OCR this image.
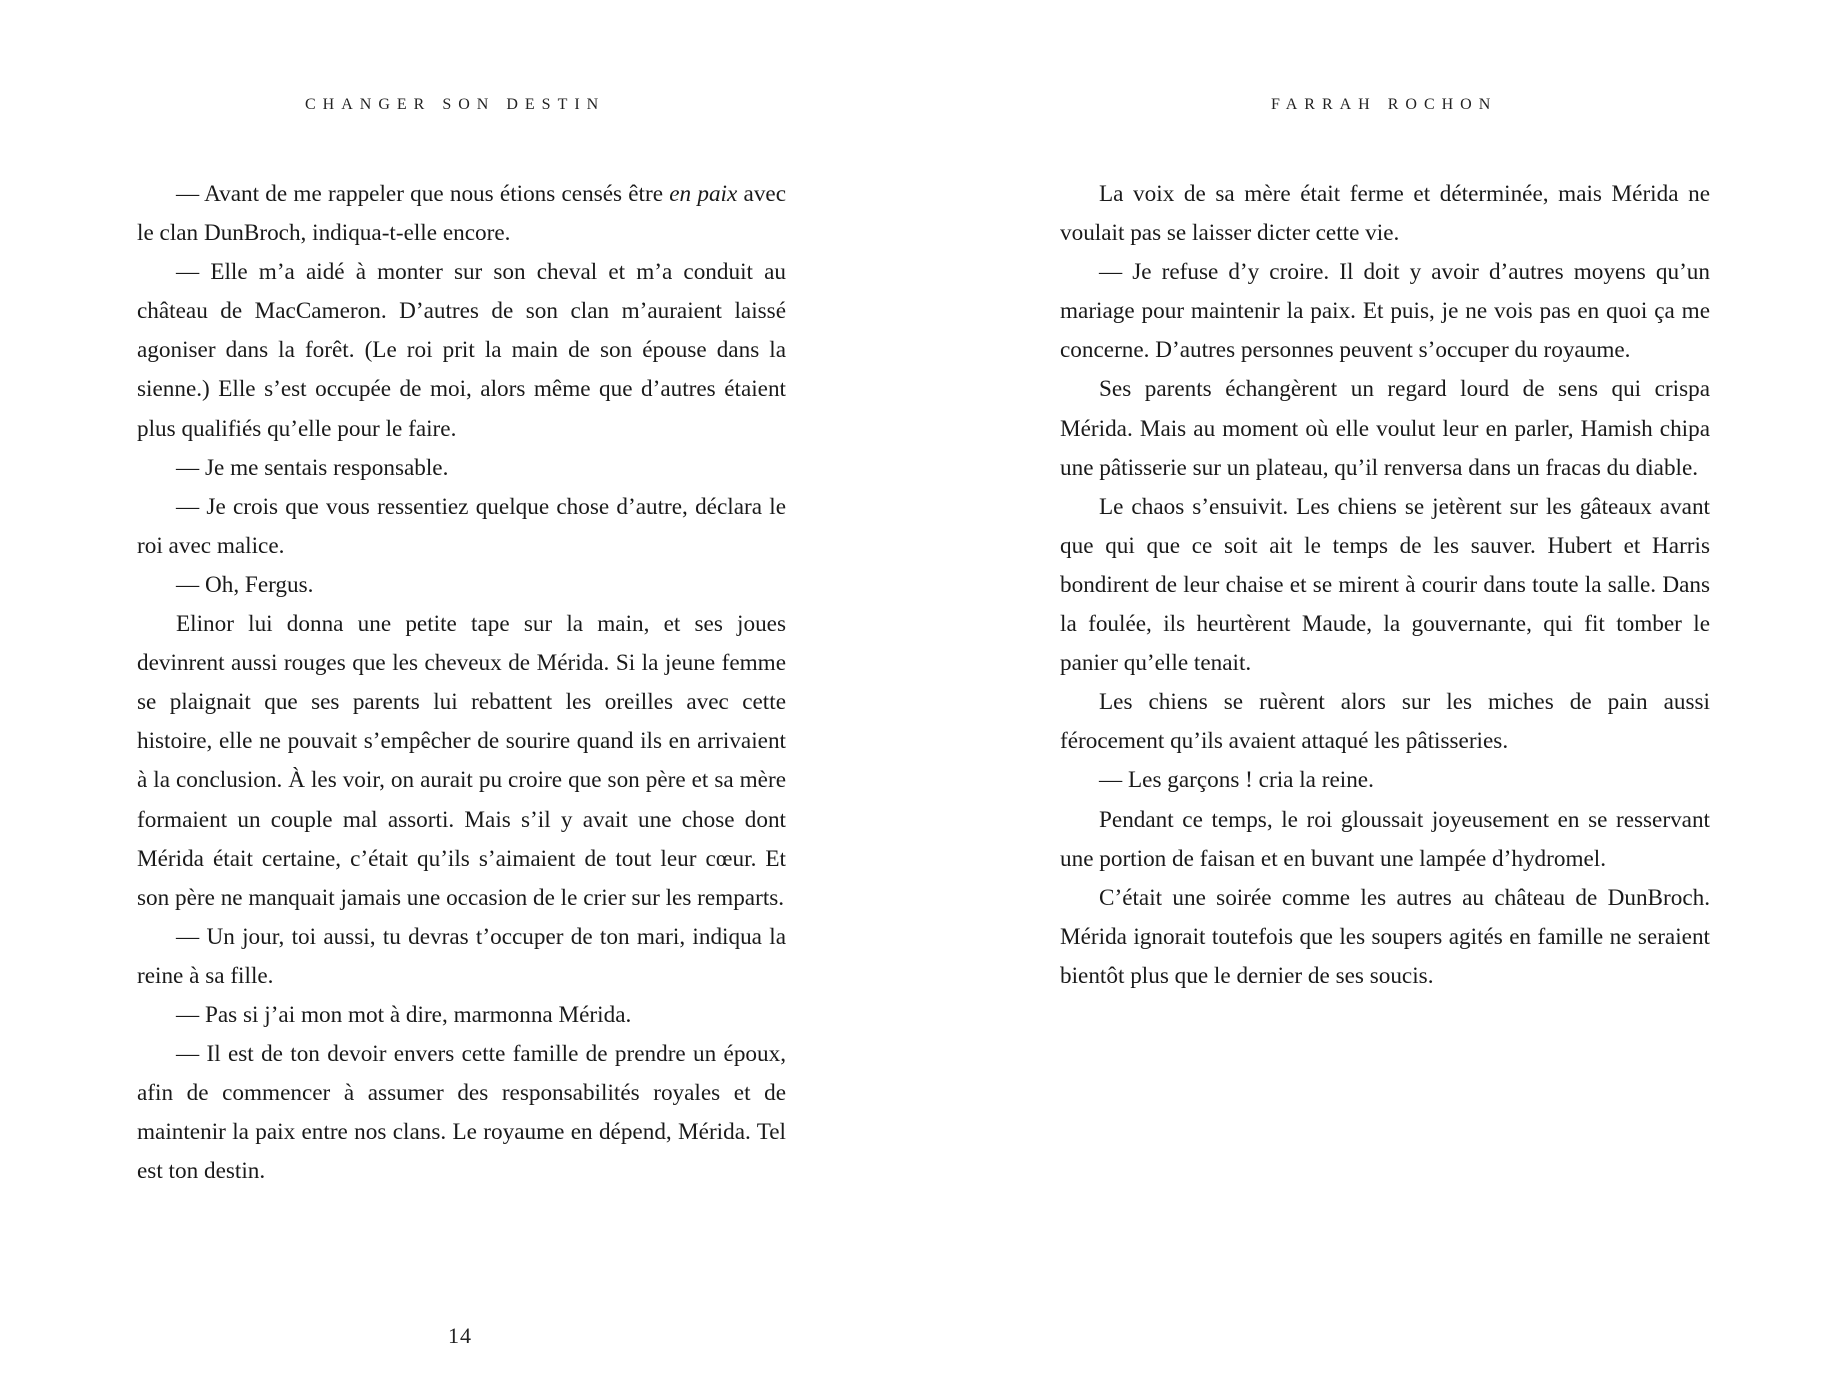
CHANGER SON DESTIN

— Avant de me rappeler que nous étions censés être en paix avec le clan DunBroch, indiqua-t-elle encore.

— Elle m’a aidé à monter sur son cheval et m’a conduit au château de MacCameron. D’autres de son clan m’auraient laissé agoniser dans la forêt. (Le roi prit la main de son épouse dans la sienne.) Elle s’est occupée de moi, alors même que d’autres étaient plus qualifiés qu’elle pour le faire.

— Je me sentais responsable.

— Je crois que vous ressentiez quelque chose d’autre, déclara le roi avec malice.

— Oh, Fergus.

Elinor lui donna une petite tape sur la main, et ses joues devinrent aussi rouges que les cheveux de Mérida. Si la jeune femme se plaignait que ses parents lui rebattent les oreilles avec cette histoire, elle ne pouvait s’empêcher de sourire quand ils en arrivaient à la conclusion. À les voir, on aurait pu croire que son père et sa mère formaient un couple mal assorti. Mais s’il y avait une chose dont Mérida était certaine, c’était qu’ils s’aimaient de tout leur cœur. Et son père ne manquait jamais une occasion de le crier sur les remparts.

— Un jour, toi aussi, tu devras t’occuper de ton mari, indiqua la reine à sa fille.

— Pas si j’ai mon mot à dire, marmonna Mérida.

— Il est de ton devoir envers cette famille de prendre un époux, afin de commencer à assumer des responsabilités royales et de maintenir la paix entre nos clans. Le royaume en dépend, Mérida. Tel est ton destin.

14
FARRAH ROCHON

La voix de sa mère était ferme et déterminée, mais Mérida ne voulait pas se laisser dicter cette vie.

— Je refuse d’y croire. Il doit y avoir d’autres moyens qu’un mariage pour maintenir la paix. Et puis, je ne vois pas en quoi ça me concerne. D’autres personnes peuvent s’occuper du royaume.

Ses parents échangèrent un regard lourd de sens qui crispa Mérida. Mais au moment où elle voulut leur en parler, Hamish chipa une pâtisserie sur un plateau, qu’il renversa dans un fracas du diable.

Le chaos s’ensuivit. Les chiens se jetèrent sur les gâteaux avant que qui que ce soit ait le temps de les sauver. Hubert et Harris bondirent de leur chaise et se mirent à courir dans toute la salle. Dans la foulée, ils heurtèrent Maude, la gouvernante, qui fit tomber le panier qu’elle tenait.

Les chiens se ruèrent alors sur les miches de pain aussi férocement qu’ils avaient attaqué les pâtisseries.

— Les garçons ! cria la reine.

Pendant ce temps, le roi gloussait joyeusement en se resservant une portion de faisan et en buvant une lampée d’hydromel.

C’était une soirée comme les autres au château de DunBroch. Mérida ignorait toutefois que les soupers agités en famille ne seraient bientôt plus que le dernier de ses soucis.
